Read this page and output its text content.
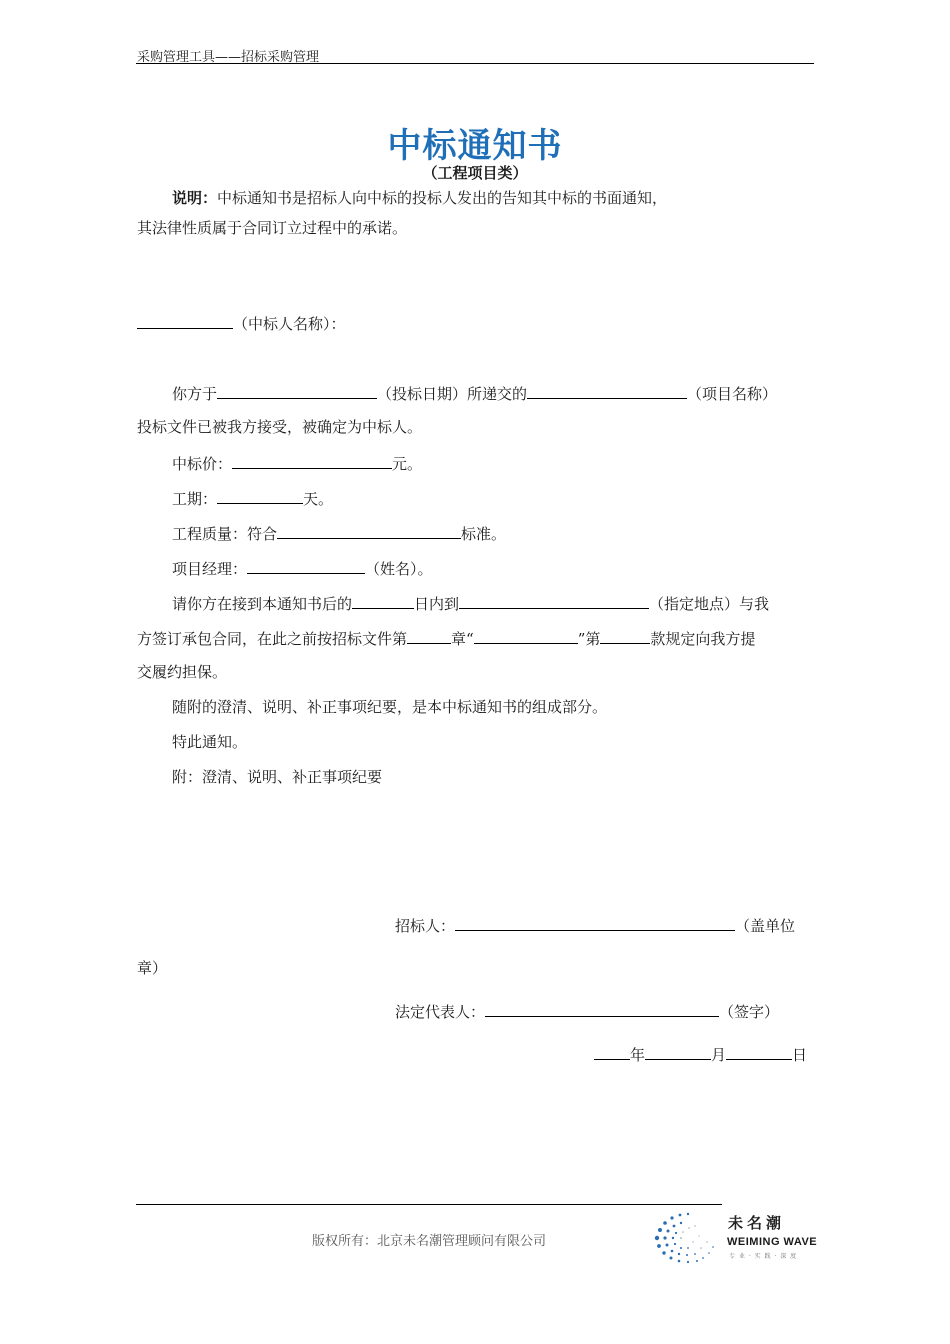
采购管理工具——招标采购管理
中标通知书
（工程项目类）
说明：中标通知书是招标人向中标的投标人发出的告知其中标的书面通知，
其法律性质属于合同订立过程中的承诺。
（中标人名称）：
你方于	（投标日期）所递交的	（项目名称）
投标文件已被我方接受，被确定为中标人。
中标价：	元。
工期：	天。
工程质量：符合	标准。
项目经理：	（姓名）。
请你方在接到本通知书后的	日内到	（指定地点）与我
方签订承包合同，在此之前按招标文件第	章“	”第	款规定向我方提
交履约担保。
随附的澄清、说明、补正事项纪要，是本中标通知书的组成部分。
特此通知。
附：澄清、说明、补正事项纪要
招标人：	（盖单位
章）
法定代表人：	（签字）
年	月	日
版权所有：北京未名潮管理顾问有限公司
未名潮
WEIMING WAVE
专 业 · 实 践 · 深 度
